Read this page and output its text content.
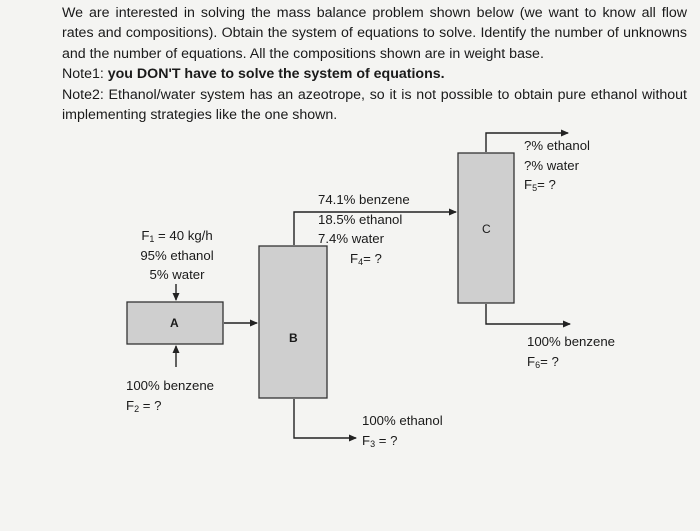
We are interested in solving the mass balance problem shown below (we want to know all flow rates and compositions). Obtain the system of equations to solve. Identify the number of unknowns and the number of equations. All the compositions shown are in weight base.

Note1: you DON'T have to solve the system of equations.

Note2: Ethanol/water system has an azeotrope, so it is not possible to obtain pure ethanol without implementing strategies like the one shown.

A
B
C
$F_1 = 40$ kg/h
95% ethanol
5% water
100% benzene
$F_2$ = ?
100% ethanol
$F_3$ = ?
74.1% benzene
18.5% ethanol
7.4% water
$F_4=$ ?
?% ethanol
?% water
$F_5=$ ?
100% benzene
$F_6=$ ?
